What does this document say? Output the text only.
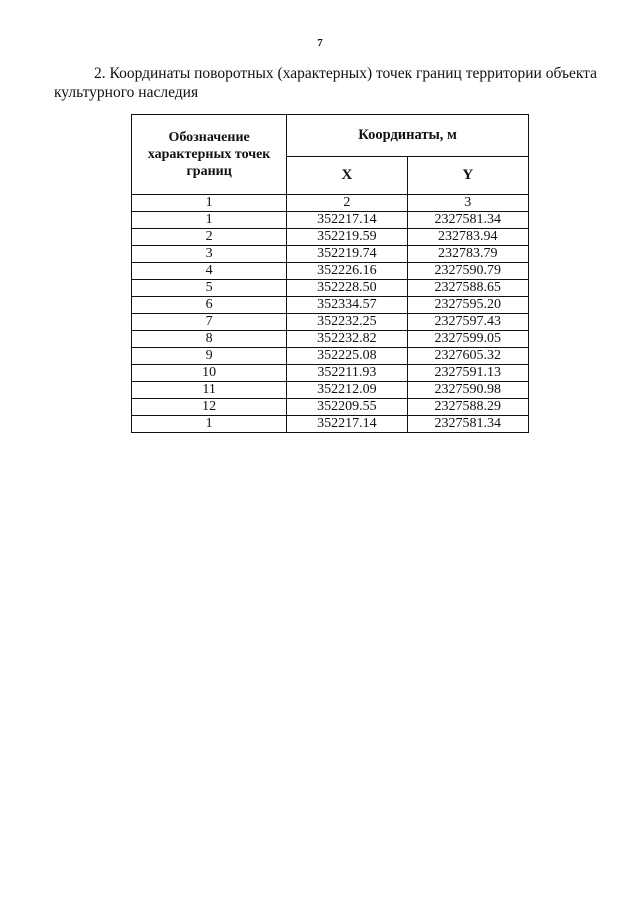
7
2. Координаты поворотных (характерных) точек границ территории объекта
культурного наследия
Обозначение характерных точек границ	Координаты, м	
	X	Y
1	2	3
1	352217.14	2327581.34
2	352219.59	232783.94
3	352219.74	232783.79
4	352226.16	2327590.79
5	352228.50	2327588.65
6	352334.57	2327595.20
7	352232.25	2327597.43
8	352232.82	2327599.05
9	352225.08	2327605.32
10	352211.93	2327591.13
11	352212.09	2327590.98
12	352209.55	2327588.29
1	352217.14	2327581.34
